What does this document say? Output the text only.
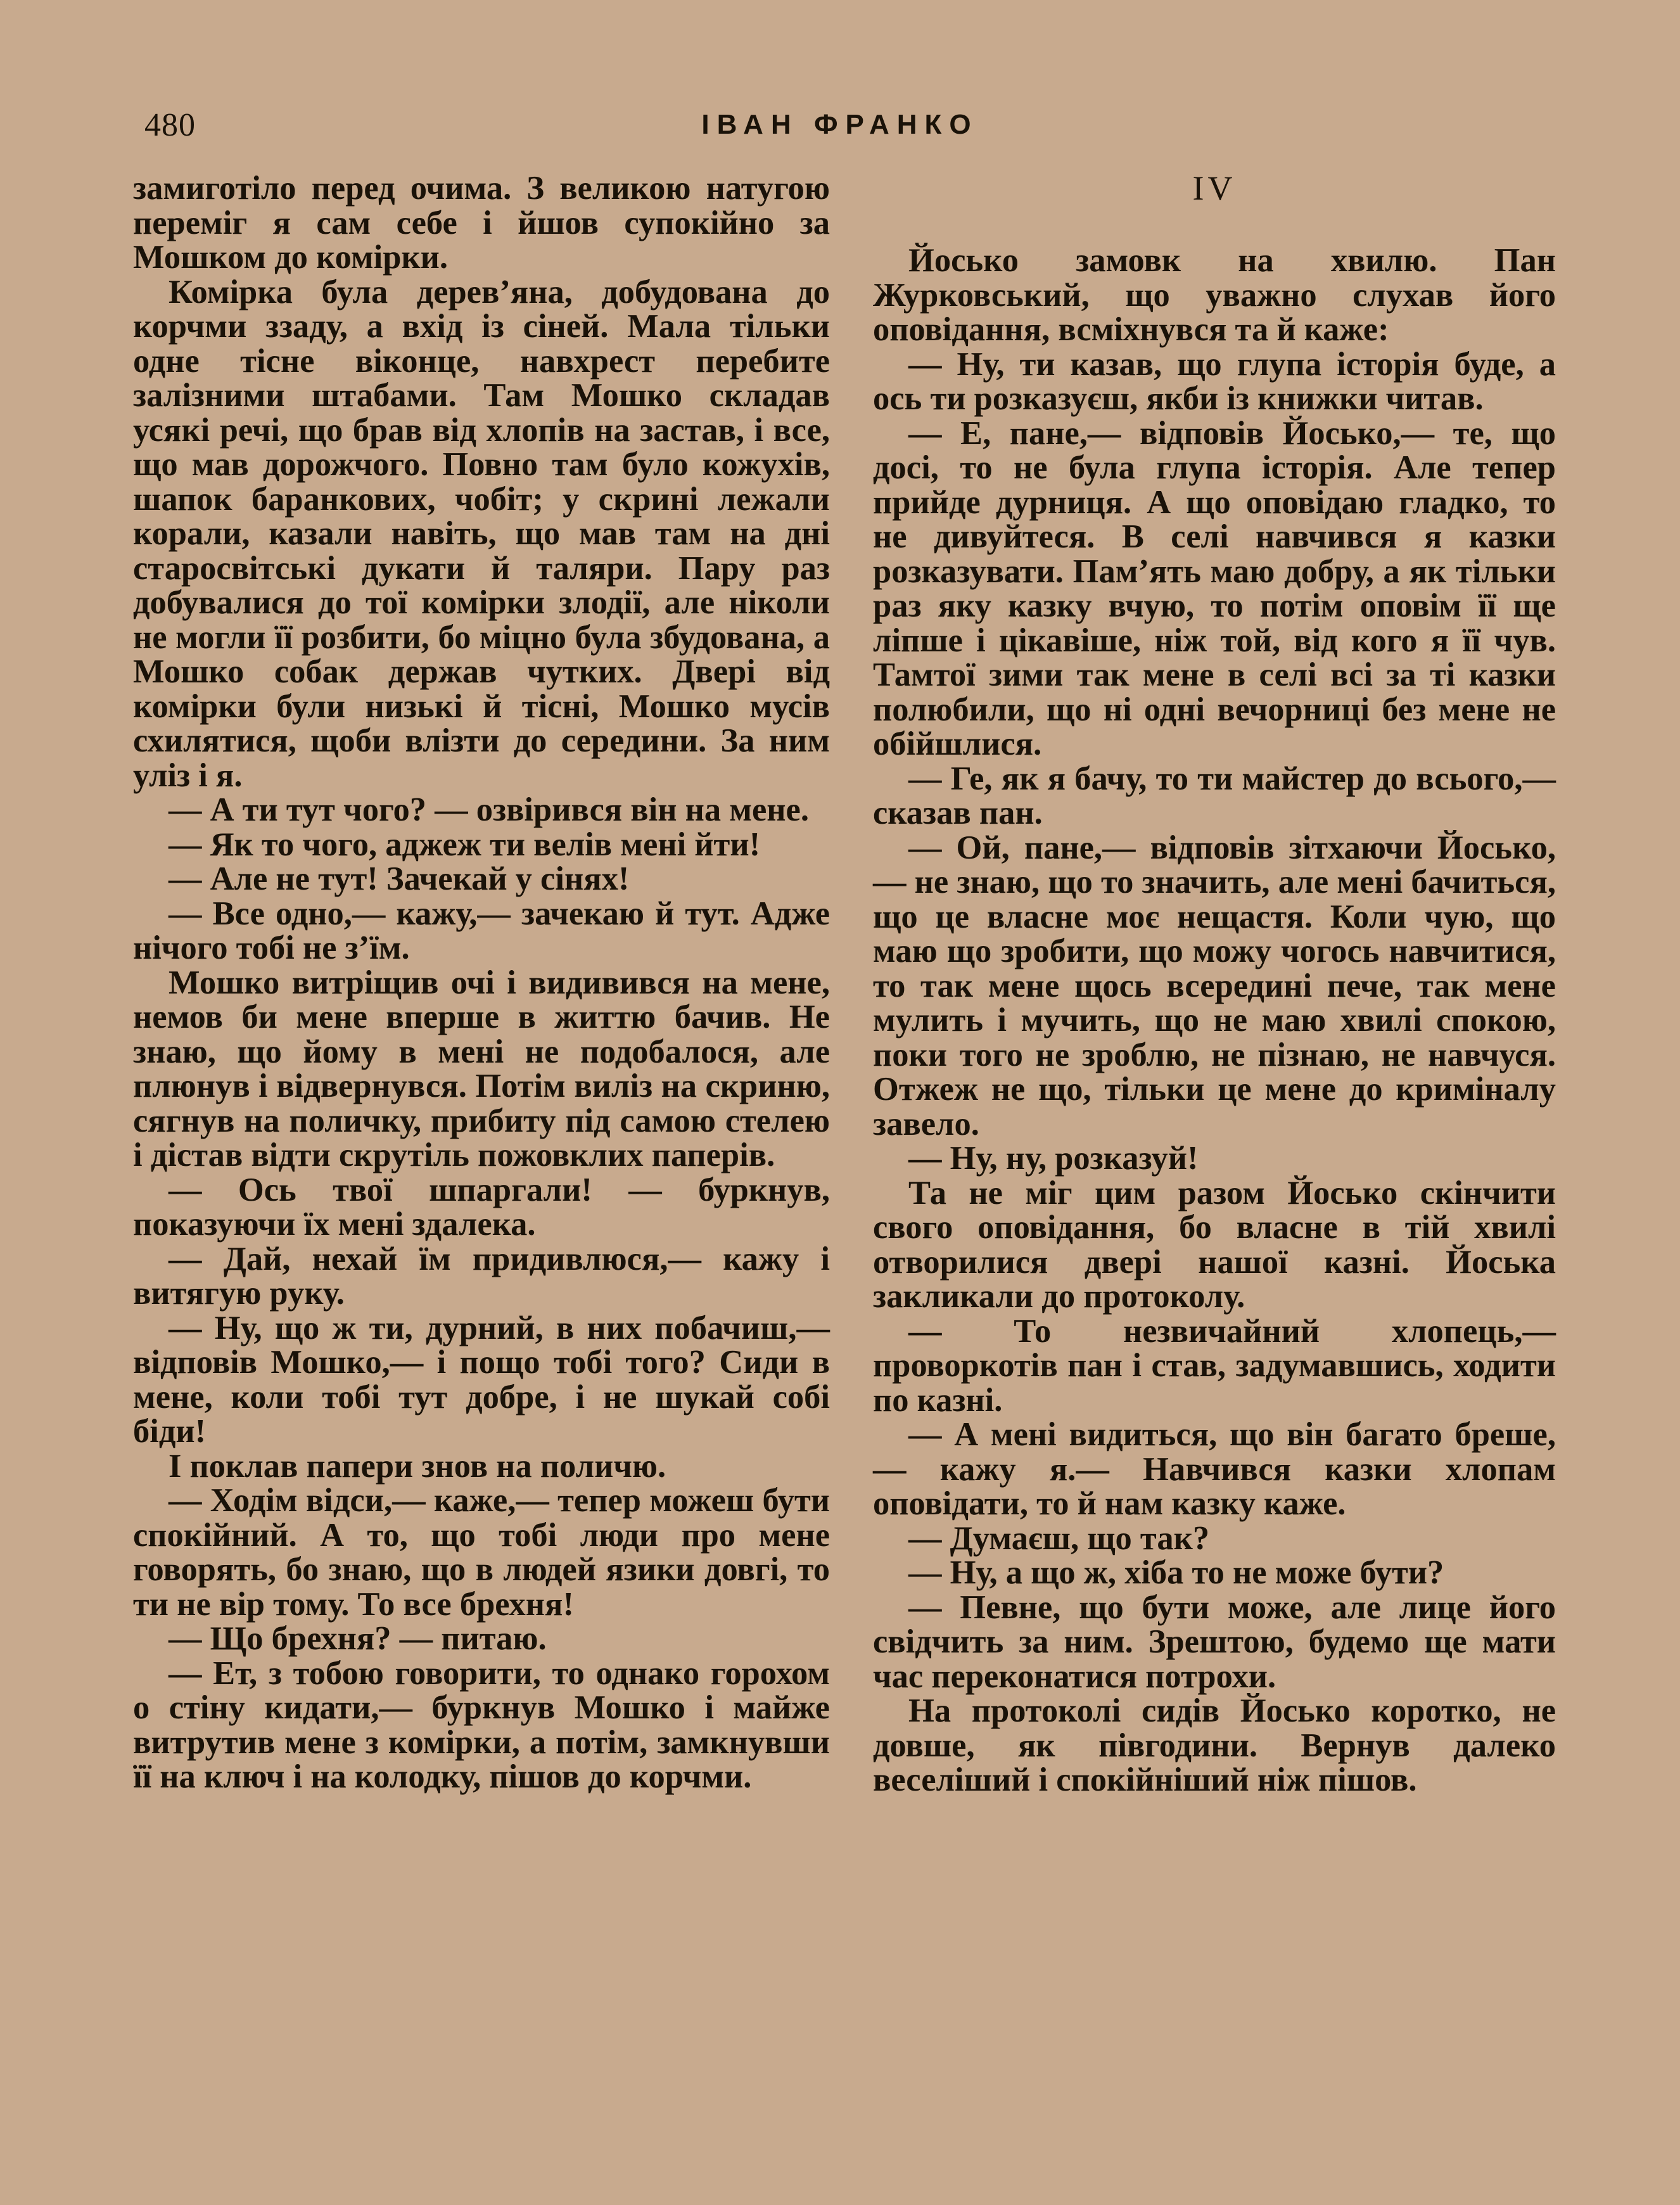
480	ІВАН ФРАНКО

замиготіло перед очима. З великою натугою переміг я сам себе і йшов супокійно за Мошком до комірки.

Комірка була дерев’яна, добудована до корчми ззаду, а вхід із сіней. Мала тільки одне тісне віконце, навхрест перебите залізними штабами. Там Мошко складав усякі речі, що брав від хлопів на застав, і все, що мав дорожчого. Повно там було кожухів, шапок баранкових, чобіт; у скрині лежали корали, казали навіть, що мав там на дні старосвітські дукати й таляри. Пару раз добувалися до тої комірки злодії, але ніколи не могли її розбити, бо міцно була збудована, а Мошко собак держав чутких. Двері від комірки були низькі й тісні, Мошко мусів схилятися, щоби влізти до середини. За ним уліз і я.

— А ти тут чого? — озвірився він на мене.

— Як то чого, аджеж ти велів мені йти!

— Але не тут! Зачекай у сінях!

— Все одно,— кажу,— зачекаю й тут. Адже нічого тобі не з’їм.

Мошко витріщив очі і видивився на мене, немов би мене вперше в життю бачив. Не знаю, що йому в мені не подобалося, але плюнув і відвернувся. Потім виліз на скриню, сягнув на поличку, прибиту під самою стелею і дістав відти скрутіль пожовклих паперів.

— Ось твої шпаргали! — буркнув, показуючи їх мені здалека.

— Дай, нехай їм придивлюся,— кажу і витягую руку.

— Ну, що ж ти, дурний, в них побачиш,— відповів Мошко,— і пощо тобі того? Сиди в мене, коли тобі тут добре, і не шукай собі біди!

І поклав папери знов на поличю.

— Ходім відси,— каже,— тепер можеш бути спокійний. А то, що тобі люди про мене говорять, бо знаю, що в людей язики довгі, то ти не вір тому. То все брехня!

— Що брехня? — питаю.

— Ет, з тобою говорити, то однако горохом о стіну кидати,— буркнув Мошко і майже витрутив мене з комірки, а потім, замкнувши її на ключ і на колодку, пішов до корчми.

IV

Йосько замовк на хвилю. Пан Журковський, що уважно слухав його оповідання, всміхнувся та й каже:

— Ну, ти казав, що глупа історія буде, а ось ти розказуєш, якби із книжки читав.

— Е, пане,— відповів Йосько,— те, що досі, то не була глупа історія. Але тепер прийде дурниця. А що оповідаю гладко, то не дивуйтеся. В селі навчився я казки розказувати. Пам’ять маю добру, а як тільки раз яку казку вчую, то потім оповім її ще ліпше і цікавіше, ніж той, від кого я її чув. Тамтої зими так мене в селі всі за ті казки полюбили, що ні одні вечорниці без мене не обійшлися.

— Ге, як я бачу, то ти майстер до всього,— сказав пан.

— Ой, пане,— відповів зітхаючи Йосько,— не знаю, що то значить, але мені бачиться, що це власне моє нещастя. Коли чую, що маю що зробити, що можу чогось навчитися, то так мене щось всередині пече, так мене мулить і мучить, що не маю хвилі спокою, поки того не зроблю, не пізнаю, не навчуся. Отжеж не що, тільки це мене до криміналу завело.

— Ну, ну, розказуй!

Та не міг цим разом Йосько скінчити свого оповідання, бо власне в тій хвилі отворилися двері нашої казні. Йоська закликали до протоколу.

— То незвичайний хлопець,— проворкотів пан і став, задумавшись, ходити по казні.

— А мені видиться, що він багато бреше,— кажу я.— Навчився казки хлопам оповідати, то й нам казку каже.

— Думаєш, що так?

— Ну, а що ж, хіба то не може бути?

— Певне, що бути може, але лице його свідчить за ним. Зрештою, будемо ще мати час переконатися потрохи.

На протоколі сидів Йосько коротко, не довше, як півгодини. Вернув далеко веселіший і спокійніший ніж пішов.
